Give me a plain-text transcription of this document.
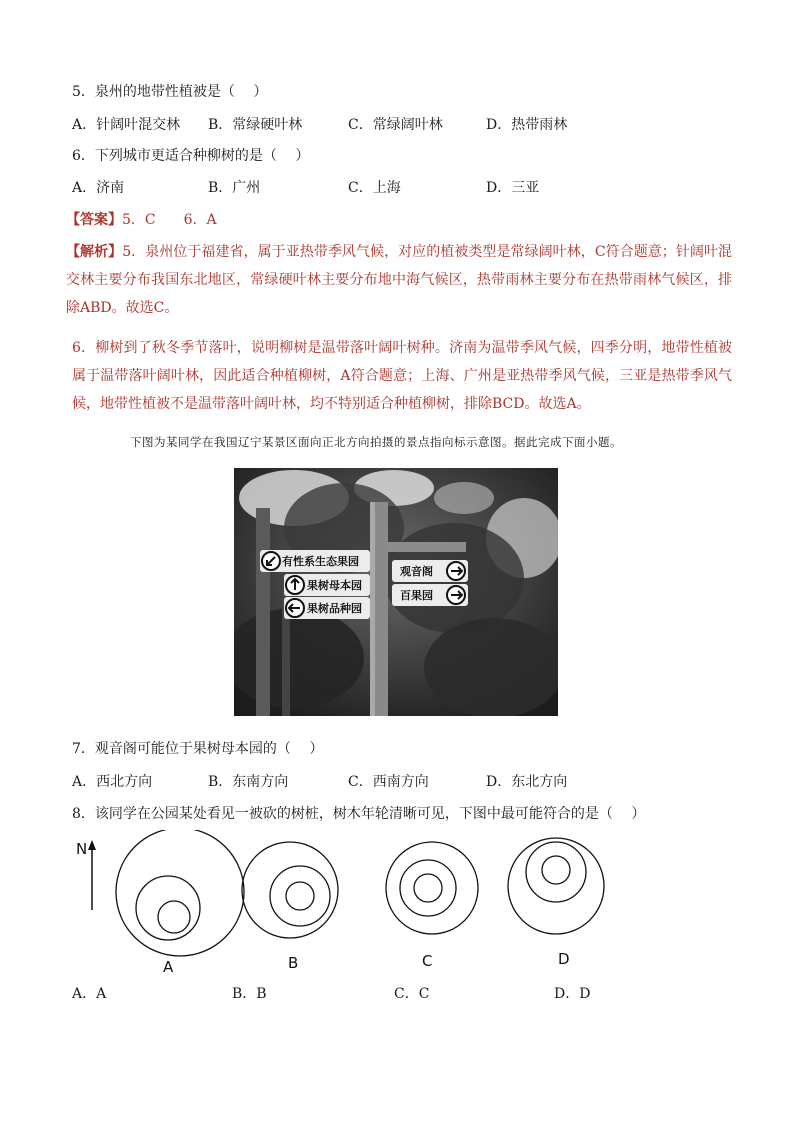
5．泉州的地带性植被是（　 ）
A．针阔叶混交林 B．常绿硬叶林	C．常绿阔叶林	D．热带雨林
6．下列城市更适合种柳树的是（　 ）
A．济南	B．广州	C．上海	D．三亚
【答案】5．C　　6．A
【解析】5．泉州位于福建省，属于亚热带季风气候，对应的植被类型是常绿阔叶林，C符合题意；针阔叶混交林主要分布我国东北地区，常绿硬叶林主要分布地中海气候区，热带雨林主要分布在热带雨林气候区，排除ABD。故选C。
6．柳树到了秋冬季节落叶，说明柳树是温带落叶阔叶树种。济南为温带季风气候，四季分明，地带性植被属于温带落叶阔叶林，因此适合种植柳树，A符合题意；上海、广州是亚热带季风气候，三亚是热带季风气候，地带性植被不是温带落叶阔叶林，均不特别适合种植柳树，排除BCD。故选A。
下图为某同学在我国辽宁某景区面向正北方向拍摄的景点指向标示意图。据此完成下面小题。
有性系生态果园
果树母本园
果树品种园
观音阁
百果园
7．观音阁可能位于果树母本园的（　 ）
A．西北方向	B．东南方向	C．西南方向	D．东北方向
8．该同学在公园某处看见一被砍的树桩，树木年轮清晰可见，下图中最可能符合的是（　 ）
N
A	B	C	D
A．A	B．B	C．C	D．D
